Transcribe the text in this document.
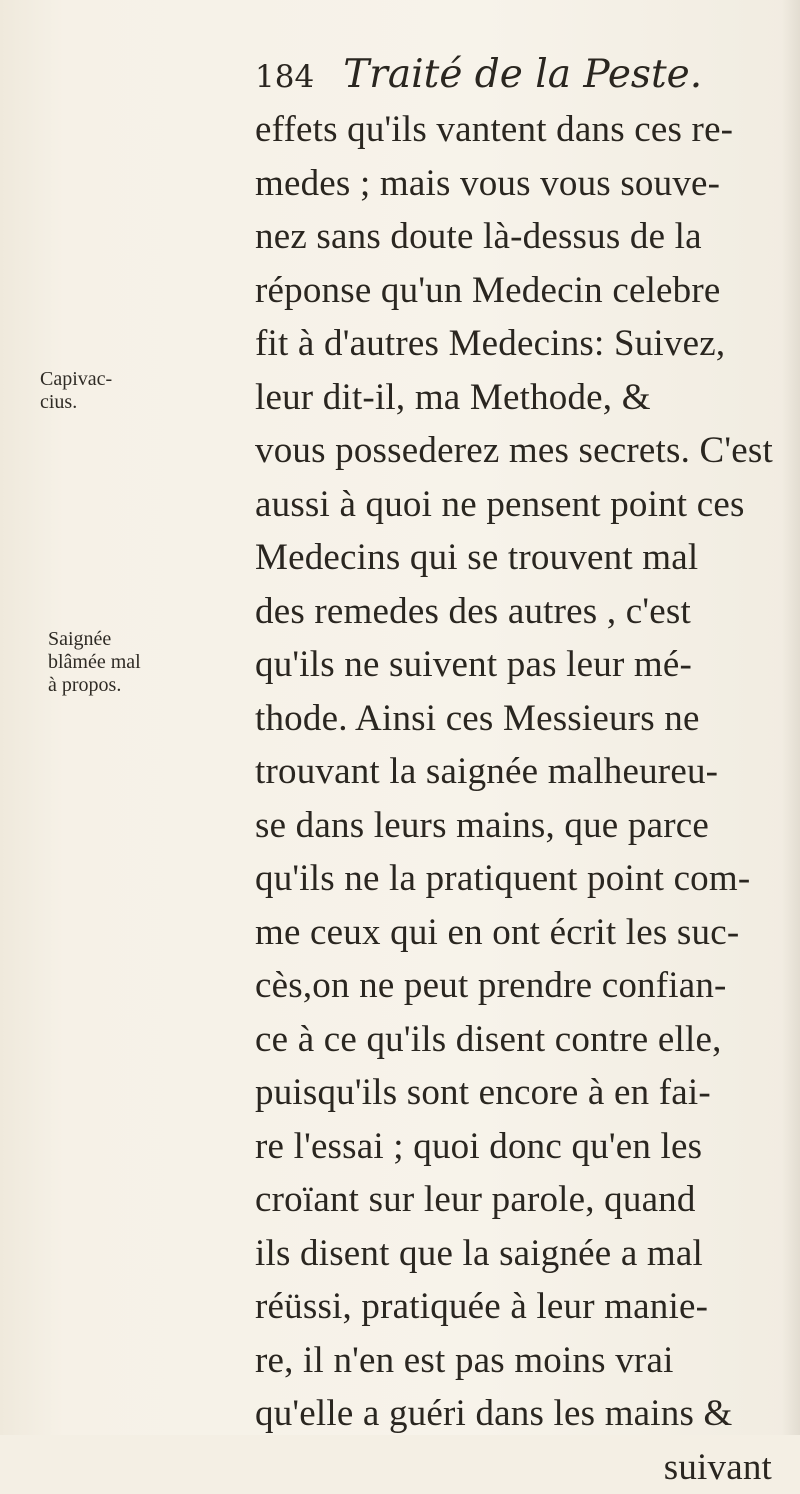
184 Traité de la Peste.
Capivac-
cius.
Saignée
blâmée mal
à propos.
effets qu'ils vantent dans ces re-
medes ; mais vous vous souve-
nez sans doute là-dessus de la
réponse qu'un Medecin celebre
fit à d'autres Medecins: Suivez,
leur dit-il, ma Methode, &
vous possederez mes secrets. C'est
aussi à quoi ne pensent point ces
Medecins qui se trouvent mal
des remedes des autres , c'est
qu'ils ne suivent pas leur mé-
thode. Ainsi ces Messieurs ne
trouvant la saignée malheureu-
se dans leurs mains, que parce
qu'ils ne la pratiquent point com-
me ceux qui en ont écrit les suc-
cès,on ne peut prendre confian-
ce à ce qu'ils disent contre elle,
puisqu'ils sont encore à en fai-
re l'essai ; quoi donc qu'en les
croïant sur leur parole, quand
ils disent que la saignée a mal
réüssi, pratiquée à leur manie-
re, il n'en est pas moins vrai
qu'elle a guéri dans les mains &
suivant
